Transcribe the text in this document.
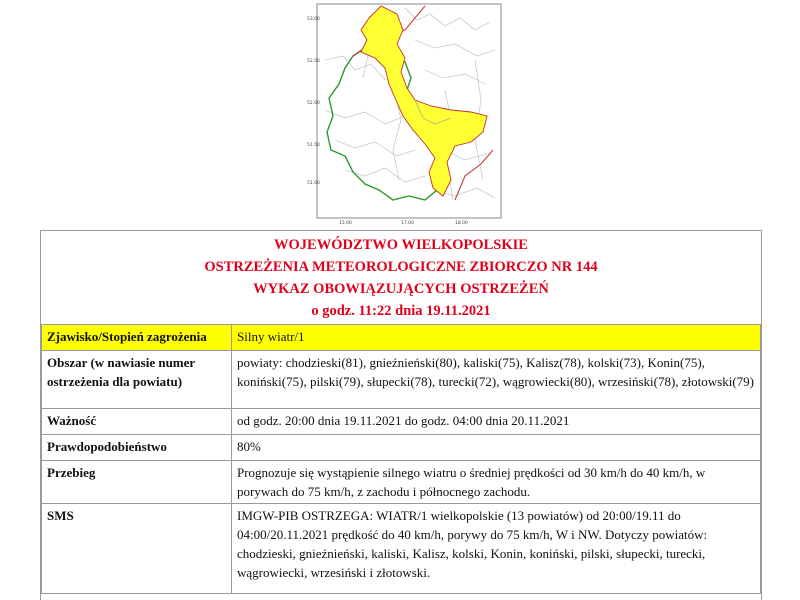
53.00
52.50
52.00
51.50
51.00
15.00	17.00	18.00
WOJEWÓDZTWO WIELKOPOLSKIE
OSTRZEŻENIA METEOROLOGICZNE ZBIORCZO NR 144
WYKAZ OBOWIĄZUJĄCYCH OSTRZEŻEŃ
o godz. 11:22 dnia 19.11.2021
Zjawisko/Stopień zagrożenia	Silny wiatr/1
Obszar (w nawiasie numer ostrzeżenia dla powiatu)	powiaty: chodzieski(81), gnieźnieński(80), kaliski(75), Kalisz(78), kolski(73), Konin(75), koniński(75), pilski(79), słupecki(78), turecki(72), wągrowiecki(80), wrzesiński(78), złotowski(79)
Ważność	od godz. 20:00 dnia 19.11.2021 do godz. 04:00 dnia 20.11.2021
Prawdopodobieństwo	80%
Przebieg	Prognozuje się wystąpienie silnego wiatru o średniej prędkości od 30 km/h do 40 km/h, w porywach do 75 km/h, z zachodu i północnego zachodu.
SMS	IMGW-PIB OSTRZEGA: WIATR/1 wielkopolskie (13 powiatów) od 20:00/19.11 do 04:00/20.11.2021 prędkość do 40 km/h, porywy do 75 km/h, W i NW. Dotyczy powiatów: chodzieski, gnieźnieński, kaliski, Kalisz, kolski, Konin, koniński, pilski, słupecki, turecki, wągrowiecki, wrzesiński i złotowski.
